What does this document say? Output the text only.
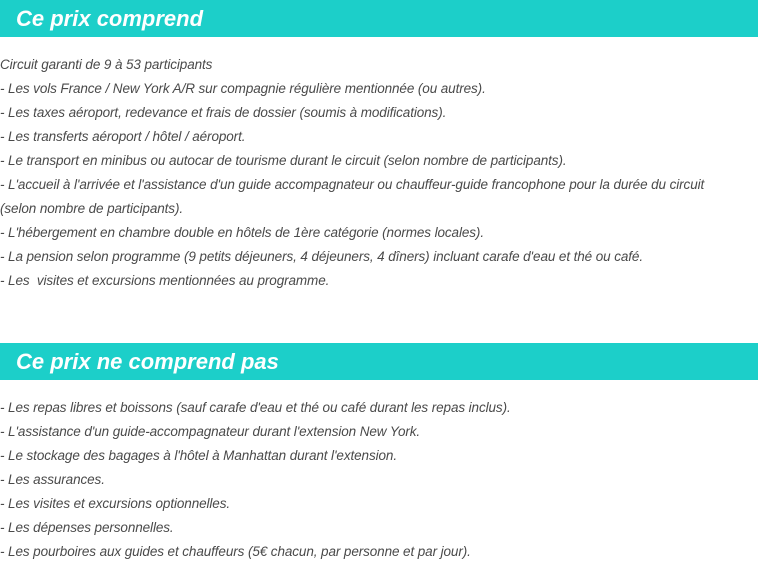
Ce prix comprend
Circuit garanti de 9 à 53 participants
- Les vols France / New York A/R sur compagnie régulière mentionnée (ou autres).
- Les taxes aéroport, redevance et frais de dossier (soumis à modifications).
- Les transferts aéroport / hôtel / aéroport.
- Le transport en minibus ou autocar de tourisme durant le circuit (selon nombre de participants).
- L'accueil à l'arrivée et l'assistance d'un guide accompagnateur ou chauffeur-guide francophone pour la durée du circuit
(selon nombre de participants).
- L'hébergement en chambre double en hôtels de 1ère catégorie (normes locales).
- La pension selon programme (9 petits déjeuners, 4 déjeuners, 4 dîners) incluant carafe d'eau et thé ou café.
- Les  visites et excursions mentionnées au programme.
Ce prix ne comprend pas
- Les repas libres et boissons (sauf carafe d'eau et thé ou café durant les repas inclus).
- L'assistance d'un guide-accompagnateur durant l'extension New York.
- Le stockage des bagages à l'hôtel à Manhattan durant l'extension.
- Les assurances.
- Les visites et excursions optionnelles.
- Les dépenses personnelles.
- Les pourboires aux guides et chauffeurs (5€ chacun, par personne et par jour).
